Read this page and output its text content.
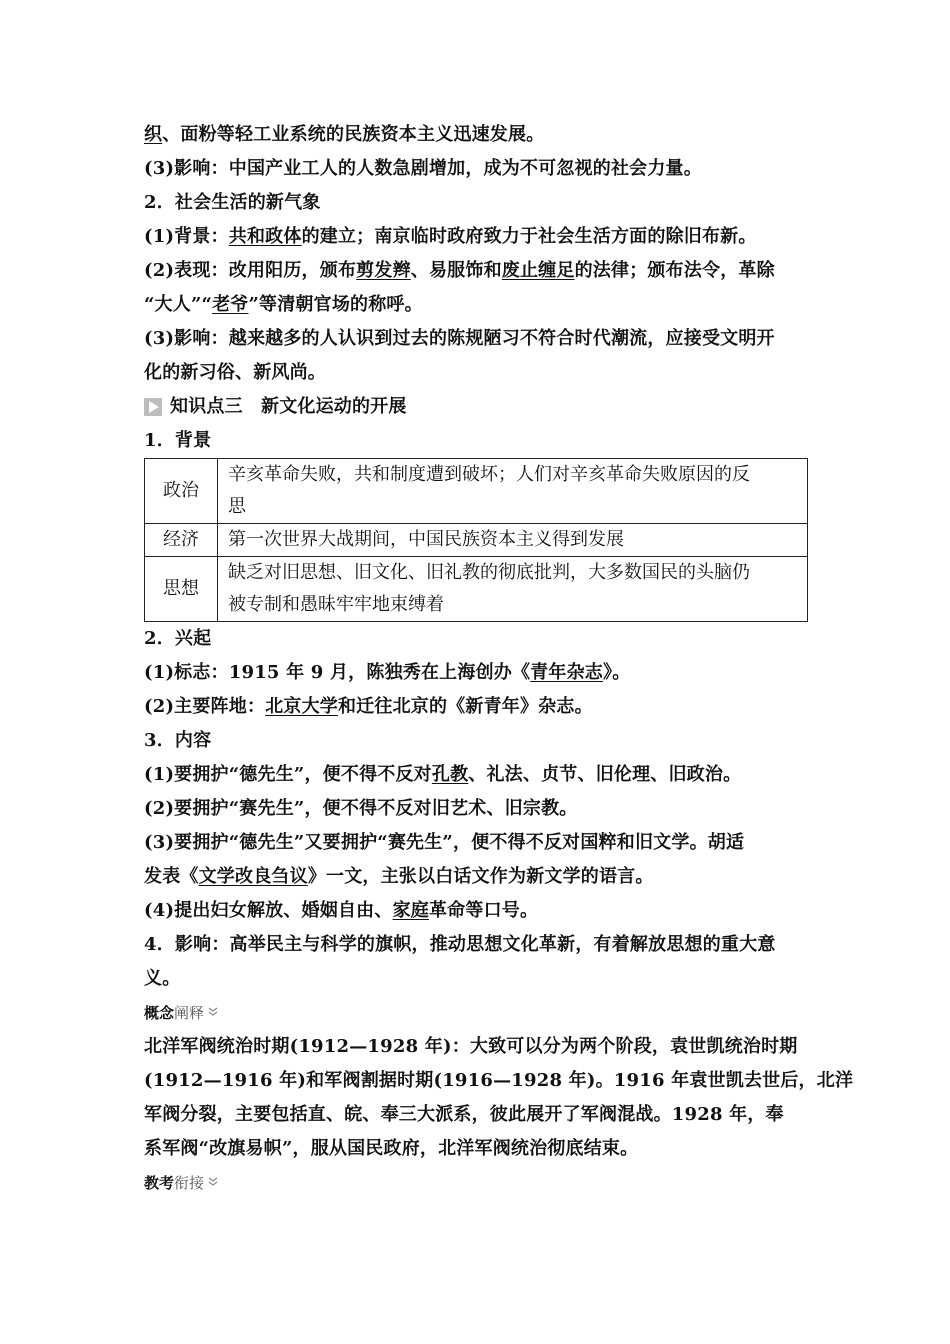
织、面粉等轻工业系统的民族资本主义迅速发展。
(3)影响：中国产业工人的人数急剧增加，成为不可忽视的社会力量。
2．社会生活的新气象
(1)背景：共和政体的建立；南京临时政府致力于社会生活方面的除旧布新。
(2)表现：改用阳历，颁布剪发辫、易服饰和废止缠足的法律；颁布法令，革除
“大人”“老爷”等清朝官场的称呼。
(3)影响：越来越多的人认识到过去的陈规陋习不符合时代潮流，应接受文明开
化的新习俗、新风尚。
知识点三　新文化运动的开展
1．背景
政治	辛亥革命失败，共和制度遭到破坏；人们对辛亥革命失败原因的反
思

经济	第一次世界大战期间，中国民族资本主义得到发展
思想	缺乏对旧思想、旧文化、旧礼教的彻底批判，大多数国民的头脑仍
被专制和愚昧牢牢地束缚着
2．兴起
(1)标志：1915 年 9 月，陈独秀在上海创办《青年杂志》。
(2)主要阵地：北京大学和迁往北京的《新青年》杂志。
3．内容
(1)要拥护“德先生”，便不得不反对孔教、礼法、贞节、旧伦理、旧政治。
(2)要拥护“赛先生”，便不得不反对旧艺术、旧宗教。
(3)要拥护“德先生”又要拥护“赛先生”，便不得不反对国粹和旧文学。胡适
发表《文学改良刍议》一文，主张以白话文作为新文学的语言。
(4)提出妇女解放、婚姻自由、家庭革命等口号。
4．影响：高举民主与科学的旗帜，推动思想文化革新，有着解放思想的重大意
义。
概念 阐释
北洋军阀统治时期(1912—1928 年)：大致可以分为两个阶段，袁世凯统治时期
(1912—1916 年)和军阀割据时期(1916—1928 年)。1916 年袁世凯去世后，北洋
军阀分裂，主要包括直、皖、奉三大派系，彼此展开了军阀混战。1928 年，奉
系军阀“改旗易帜”，服从国民政府，北洋军阀统治彻底结束。
教考 衔接
